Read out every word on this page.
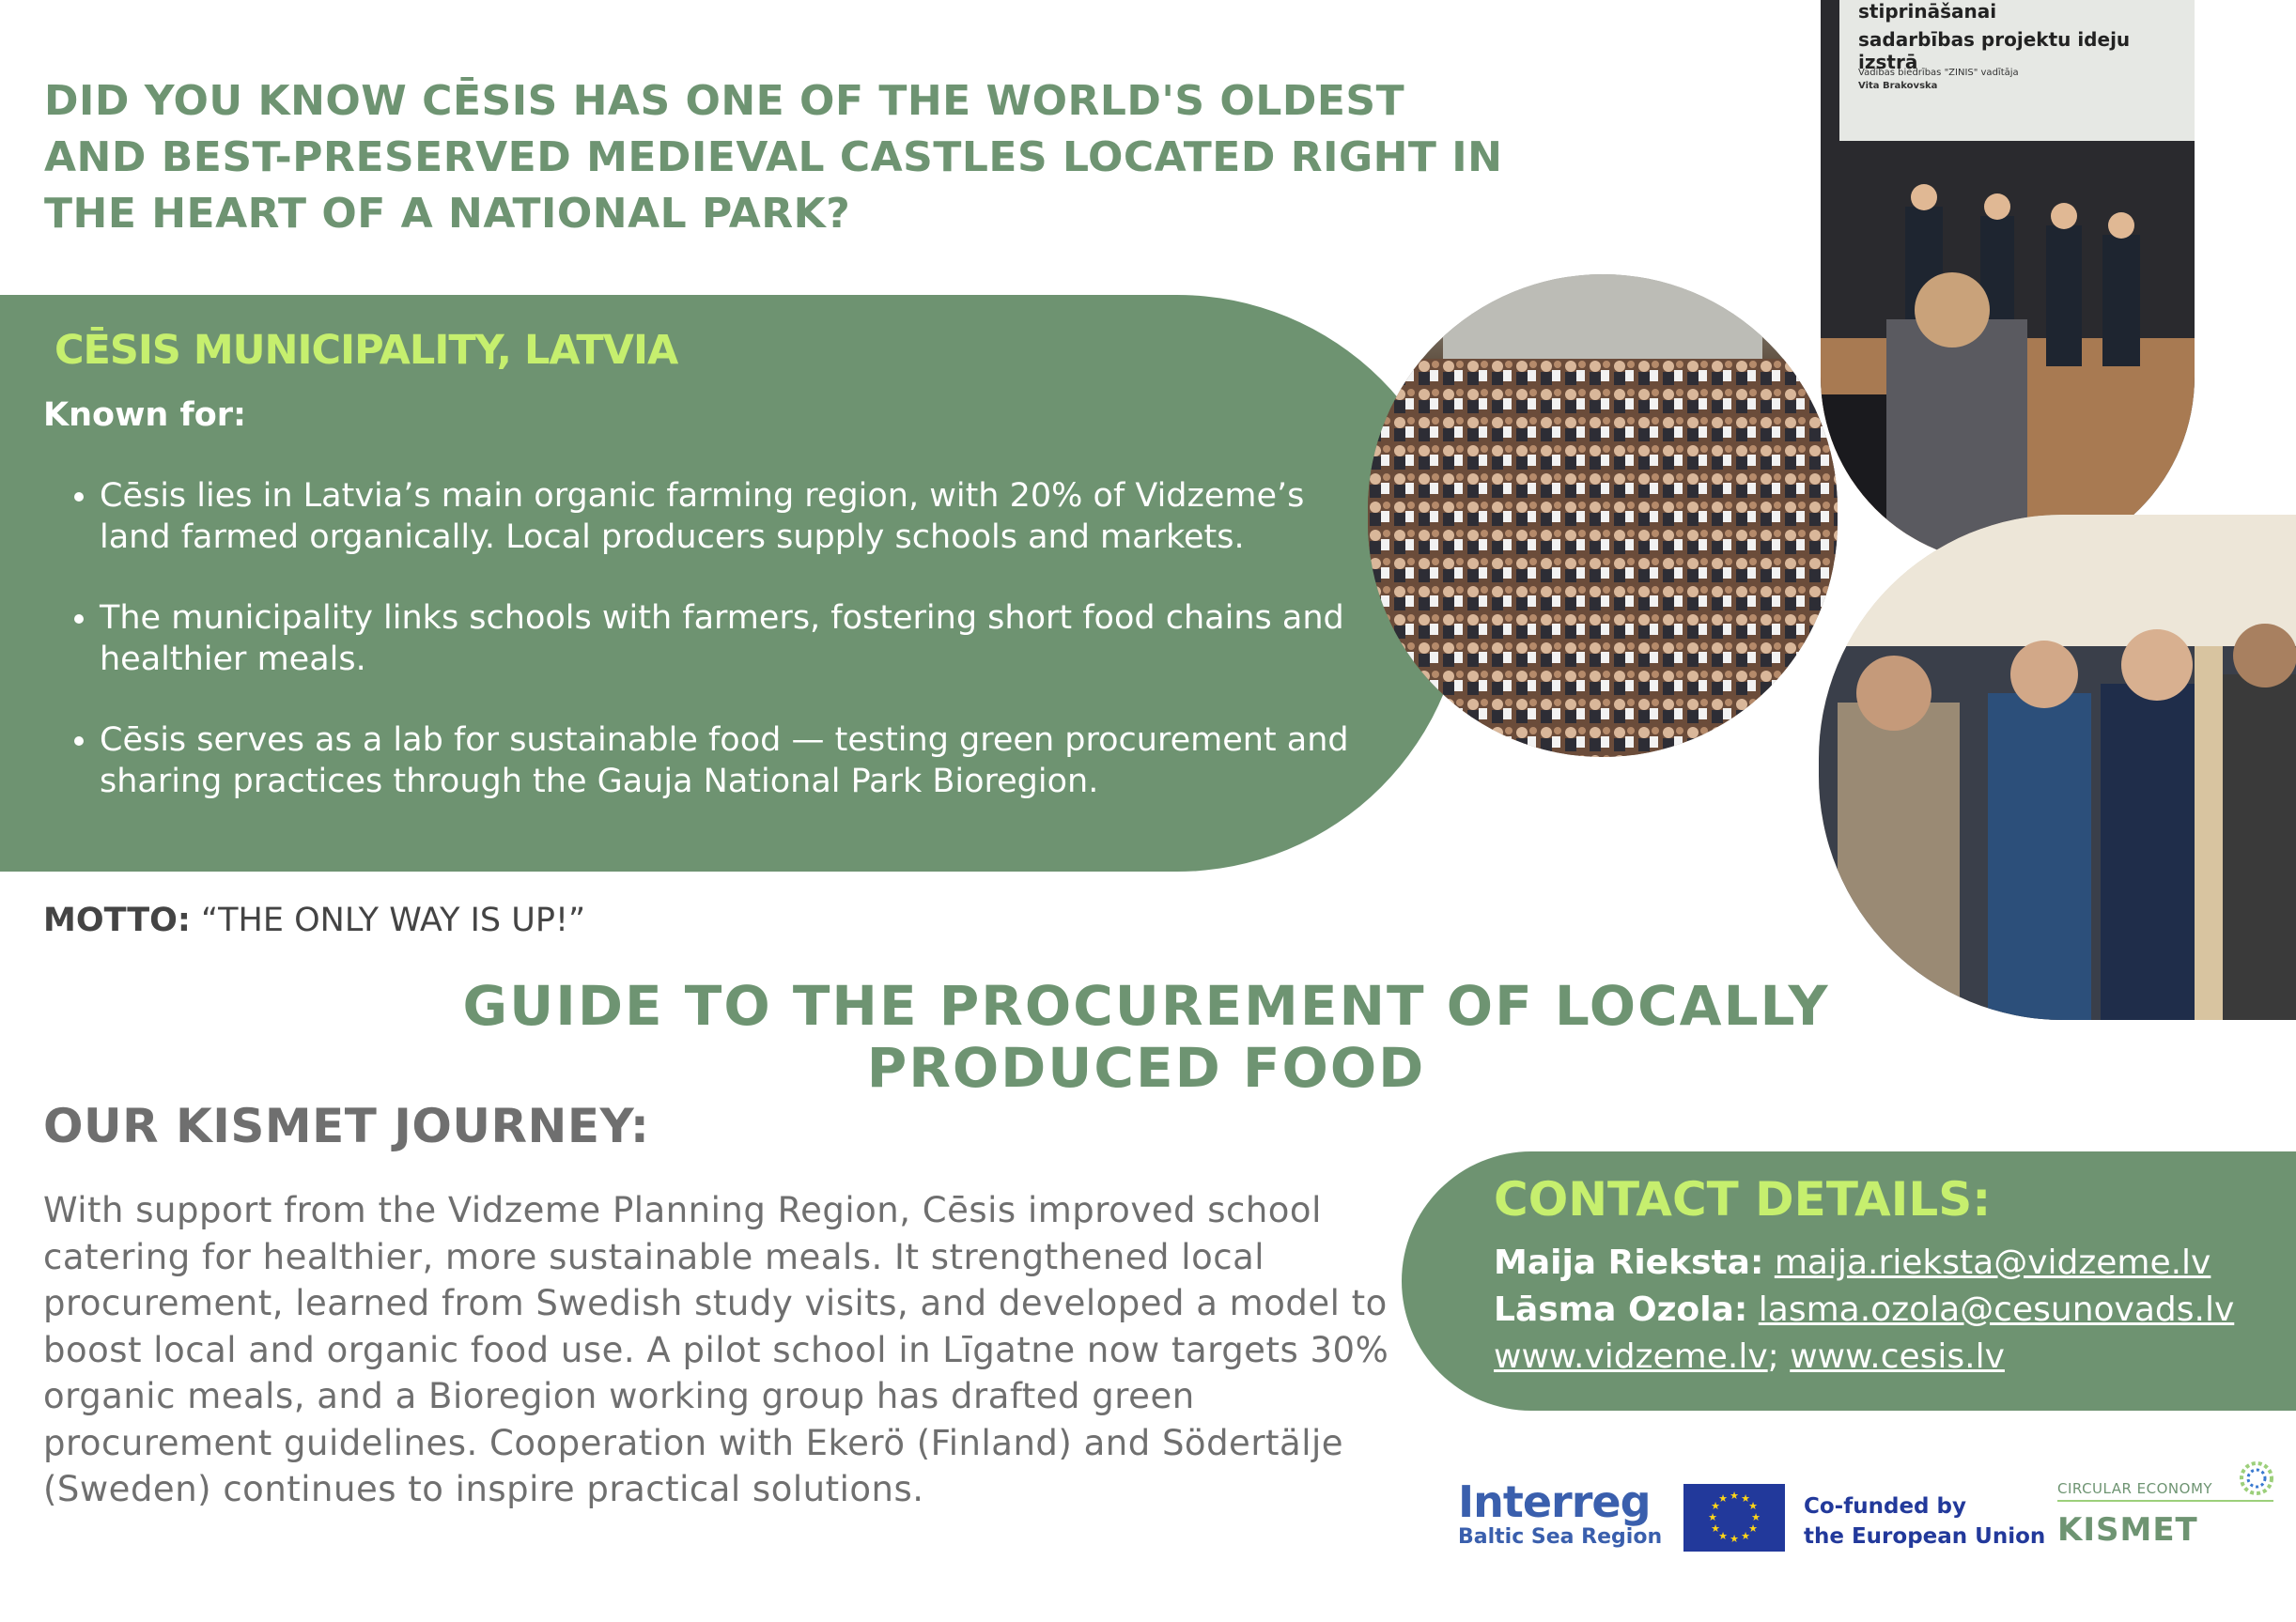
DID YOU KNOW CĒSIS HAS ONE OF THE WORLD'S OLDEST AND BEST-PRESERVED MEDIEVAL CASTLES LOCATED RIGHT IN THE HEART OF A NATIONAL PARK?
CĒSIS MUNICIPALITY, LATVIA
Known for:
• Cēsis lies in Latvia’s main organic farming region, with 20% of Vidzeme’s land farmed organically. Local producers supply schools and markets.
• The municipality links schools with farmers, fostering short food chains and healthier meals.
• Cēsis serves as a lab for sustainable food — testing green procurement and sharing practices through the Gauja National Park Bioregion.
stiprināšanai
sadarbības projektu ideju izstrā
Vadības biedrības "ZINIS" vadītāja
Vita Brakovska
MOTTO: “THE ONLY WAY IS UP!”
GUIDE TO THE PROCUREMENT OF LOCALLY PRODUCED FOOD
OUR KISMET JOURNEY:
With support from the Vidzeme Planning Region, Cēsis improved school catering for healthier, more sustainable meals. It strengthened local procurement, learned from Swedish study visits, and developed a model to boost local and organic food use. A pilot school in Līgatne now targets 30% organic meals, and a Bioregion working group has drafted green procurement guidelines. Cooperation with Ekerö (Finland) and Södertälje (Sweden) continues to inspire practical solutions.
CONTACT DETAILS:
Maija Rieksta: maija.rieksta@vidzeme.lv
Lāsma Ozola: lasma.ozola@cesunovads.lv
www.vidzeme.lv; www.cesis.lv
Interreg
Baltic Sea Region
★ ★
★
★
★
★
★
★
★
★
★
★	Co-funded by
the European Union
CIRCULAR ECONOMY
KISMET
